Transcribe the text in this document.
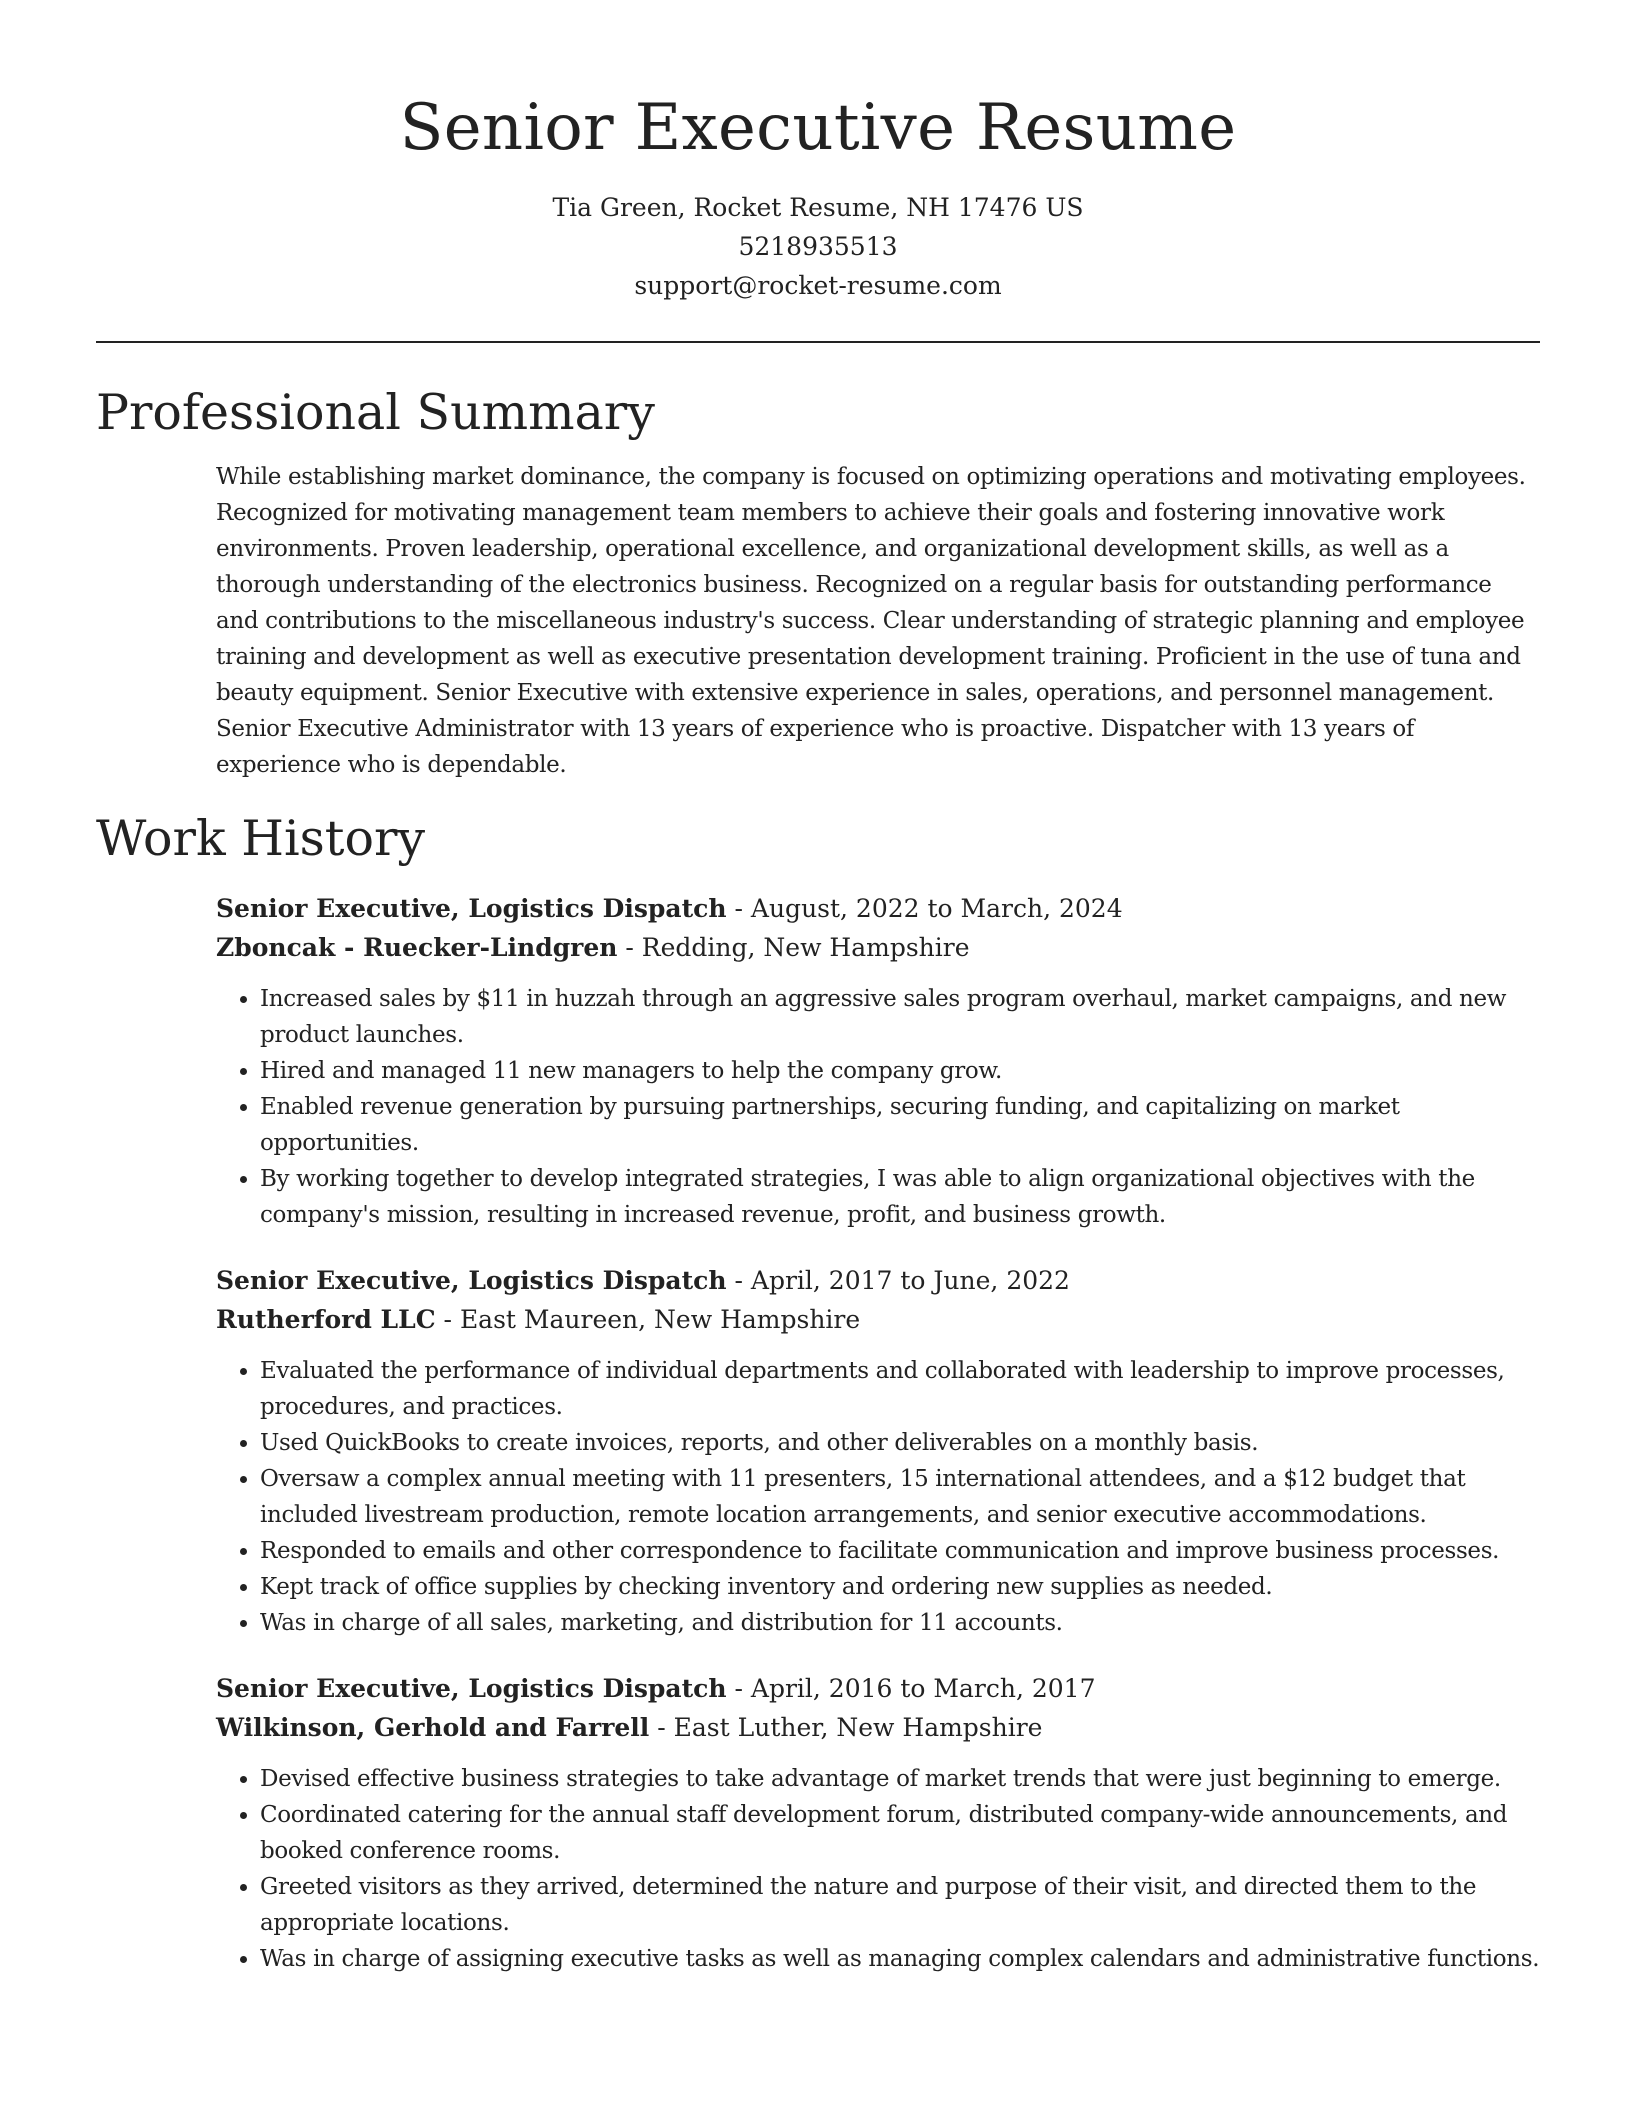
Senior Executive Resume
Tia Green, Rocket Resume, NH 17476 US
5218935513
support@rocket-resume.com
Professional Summary

While establishing market dominance, the company is focused on optimizing operations and motivating employees. Recognized for motivating management team members to achieve their goals and fostering innovative work environments. Proven leadership, operational excellence, and organizational development skills, as well as a thorough understanding of the electronics business. Recognized on a regular basis for outstanding performance and contributions to the miscellaneous industry's success. Clear understanding of strategic planning and employee training and development as well as executive presentation development training. Proficient in the use of tuna and beauty equipment. Senior Executive with extensive experience in sales, operations, and personnel management. Senior Executive Administrator with 13 years of experience who is proactive. Dispatcher with 13 years of experience who is dependable.

Work History
Senior Executive, Logistics Dispatch - August, 2022 to March, 2024
Zboncak - Ruecker-Lindgren - Redding, New Hampshire
• Increased sales by $11 in huzzah through an aggressive sales program overhaul, market campaigns, and new product launches.
• Hired and managed 11 new managers to help the company grow.
• Enabled revenue generation by pursuing partnerships, securing funding, and capitalizing on market opportunities.
• By working together to develop integrated strategies, I was able to align organizational objectives with the company's mission, resulting in increased revenue, profit, and business growth.
Senior Executive, Logistics Dispatch - April, 2017 to June, 2022
Rutherford LLC - East Maureen, New Hampshire
• Evaluated the performance of individual departments and collaborated with leadership to improve processes, procedures, and practices.
• Used QuickBooks to create invoices, reports, and other deliverables on a monthly basis.
• Oversaw a complex annual meeting with 11 presenters, 15 international attendees, and a $12 budget that included livestream production, remote location arrangements, and senior executive accommodations.
• Responded to emails and other correspondence to facilitate communication and improve business processes.
• Kept track of office supplies by checking inventory and ordering new supplies as needed.
• Was in charge of all sales, marketing, and distribution for 11 accounts.
Senior Executive, Logistics Dispatch - April, 2016 to March, 2017
Wilkinson, Gerhold and Farrell - East Luther, New Hampshire
• Devised effective business strategies to take advantage of market trends that were just beginning to emerge.
• Coordinated catering for the annual staff development forum, distributed company-wide announcements, and booked conference rooms.
• Greeted visitors as they arrived, determined the nature and purpose of their visit, and directed them to the appropriate locations.
• Was in charge of assigning executive tasks as well as managing complex calendars and administrative functions.
